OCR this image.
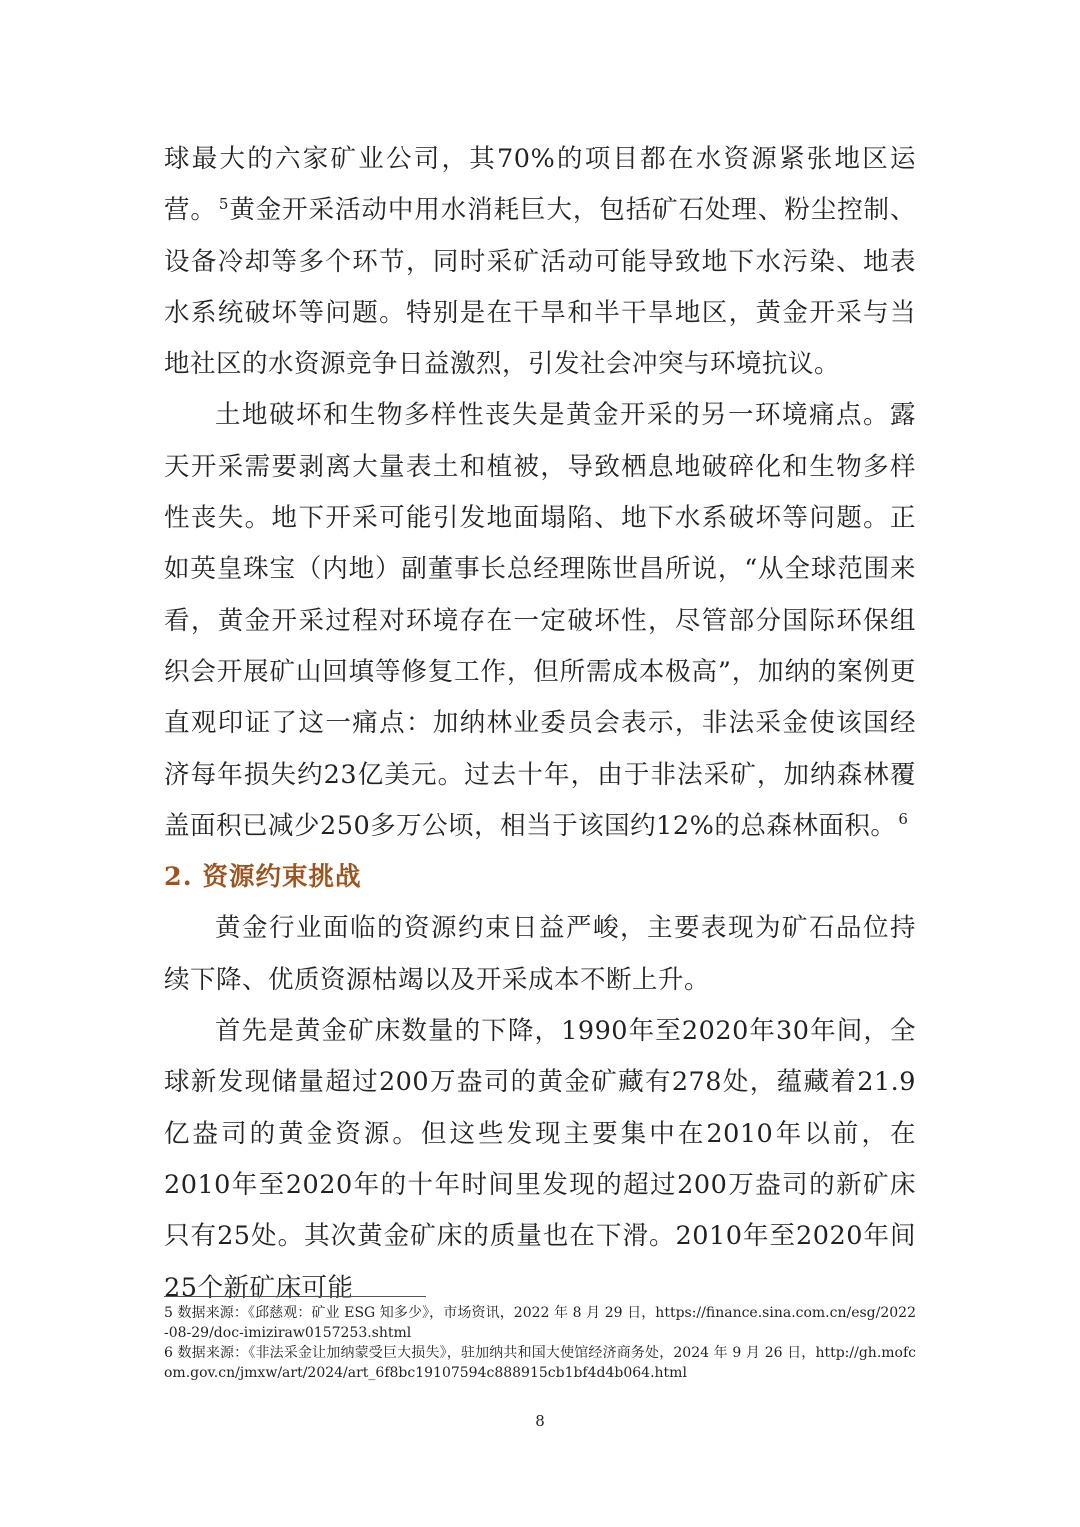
球最大的六家矿业公司，其70%的项目都在水资源紧张地区运营。 $^5$黄金开采活动中用水消耗巨大，包括矿石处理、粉尘控制、设备冷却等多个环节，同时采矿活动可能导致地下水污染、地表水系统破坏等问题。特别是在干旱和半干旱地区，黄金开采与当地社区的水资源竞争日益激烈，引发社会冲突与环境抗议。

土地破坏和生物多样性丧失是黄金开采的另一环境痛点。露天开采需要剥离大量表土和植被，导致栖息地破碎化和生物多样性丧失。地下开采可能引发地面塌陷、地下水系破坏等问题。正如英皇珠宝（内地）副董事长总经理陈世昌所说，“从全球范围来看，黄金开采过程对环境存在一定破坏性，尽管部分国际环保组织会开展矿山回填等修复工作，但所需成本极高”，加纳的案例更直观印证了这一痛点：加纳林业委员会表示，非法采金使该国经济每年损失约23亿美元。过去十年，由于非法采矿，加纳森林覆盖面积已减少250多万公顷，相当于该国约12%的总森林面积。 $^6$

2. 资源约束挑战

黄金行业面临的资源约束日益严峻，主要表现为矿石品位持续下降、优质资源枯竭以及开采成本不断上升。

首先是黄金矿床数量的下降，1990年至2020年30年间，全球新发现储量超过200万盎司的黄金矿藏有278处，蕴藏着21.9亿盎司的黄金资源。但这些发现主要集中在2010年以前，在2010年至2020年的十年时间里发现的超过200万盎司的新矿床只有25处。其次黄金矿床的质量也在下滑。2010年至2020年间25个新矿床可能

5 数据来源：《邱慈观：矿业 ESG 知多少》，市场资讯，2022 年 8 月 29 日，https://finance.sina.com.cn/esg/2022-08-29/doc-imiziraw0157253.shtml

6 数据来源：《非法采金让加纳蒙受巨大损失》，驻加纳共和国大使馆经济商务处，2024 年 9 月 26 日，http://gh.mofcom.gov.cn/jmxw/art/2024/art_6f8bc19107594c888915cb1bf4d4b064.html

8
